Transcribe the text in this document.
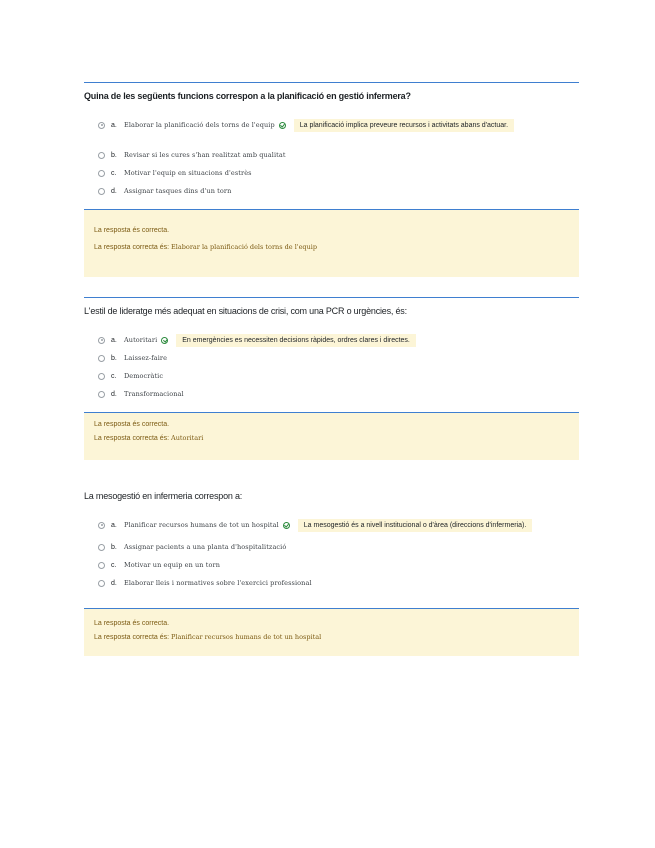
Quina de les següents funcions correspon a la planificació en gestió infermera?
a.	Elaborar la planificació dels torns de l'equip	La planificació implica preveure recursos i activitats abans d'actuar.
b.	Revisar si les cures s'han realitzat amb qualitat
c.	Motivar l'equip en situacions d'estrès
d.	Assignar tasques dins d'un torn
La resposta és correcta.
La resposta correcta és: Elaborar la planificació dels torns de l'equip
L'estil de lideratge més adequat en situacions de crisi, com una PCR o urgències, és:
a.	Autoritari	En emergències es necessiten decisions ràpides, ordres clares i directes.
b.	Laissez-faire
c.	Democràtic
d.	Transformacional
La resposta és correcta.
La resposta correcta és: Autoritari
La mesogestió en infermeria correspon a:
a.	Planificar recursos humans de tot un hospital	La mesogestió és a nivell institucional o d'àrea (direccions d'infermeria).
b.	Assignar pacients a una planta d'hospitalització
c.	Motivar un equip en un torn
d.	Elaborar lleis i normatives sobre l'exercici professional
La resposta és correcta.
La resposta correcta és: Planificar recursos humans de tot un hospital
